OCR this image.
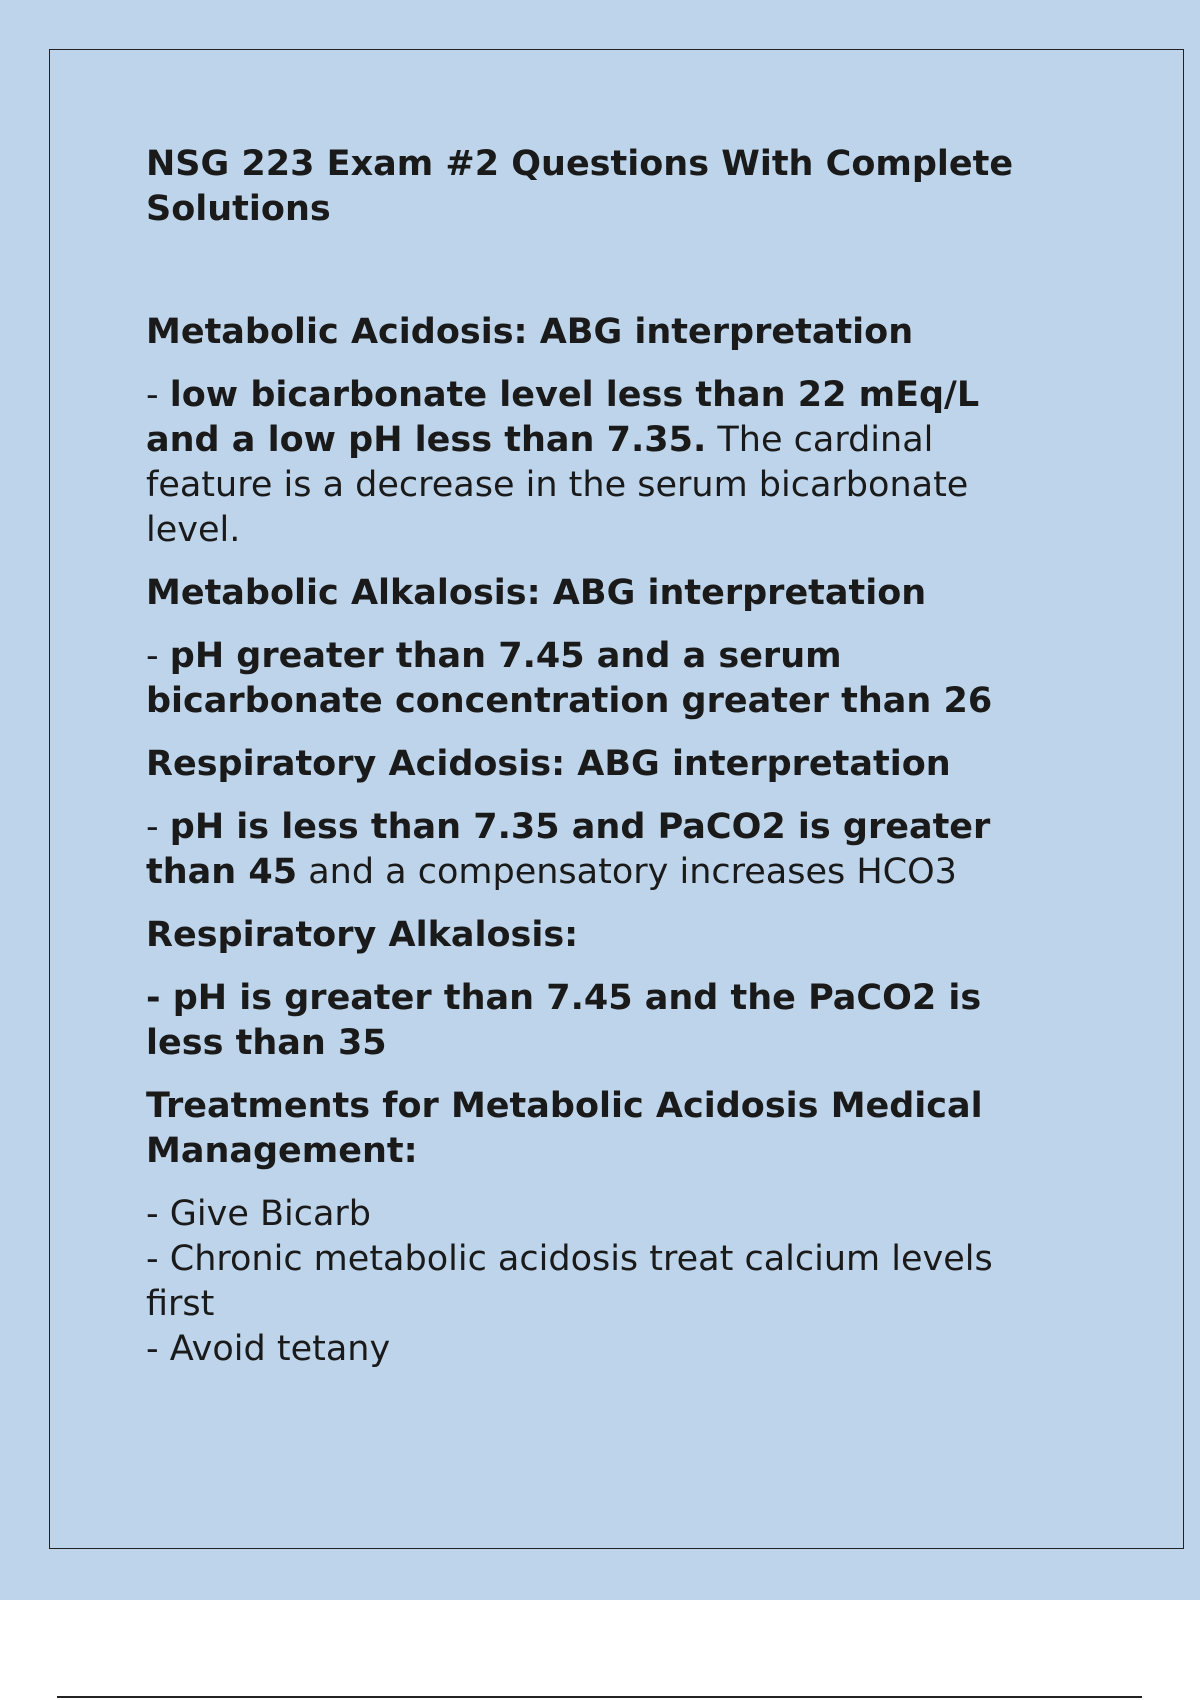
NSG 223 Exam #2 Questions With Complete Solutions
Metabolic Acidosis: ABG interpretation
- low bicarbonate level less than 22 mEq/L and a low pH less than 7.35. The cardinal feature is a decrease in the serum bicarbonate level.
Metabolic Alkalosis: ABG interpretation
- pH greater than 7.45 and a serum bicarbonate concentration greater than 26
Respiratory Acidosis: ABG interpretation
- pH is less than 7.35 and PaCO2 is greater than 45 and a compensatory increases HCO3
Respiratory Alkalosis:
- pH is greater than 7.45 and the PaCO2 is less than 35
Treatments for Metabolic Acidosis Medical Management:
- Give Bicarb
- Chronic metabolic acidosis treat calcium levels first
- Avoid tetany
